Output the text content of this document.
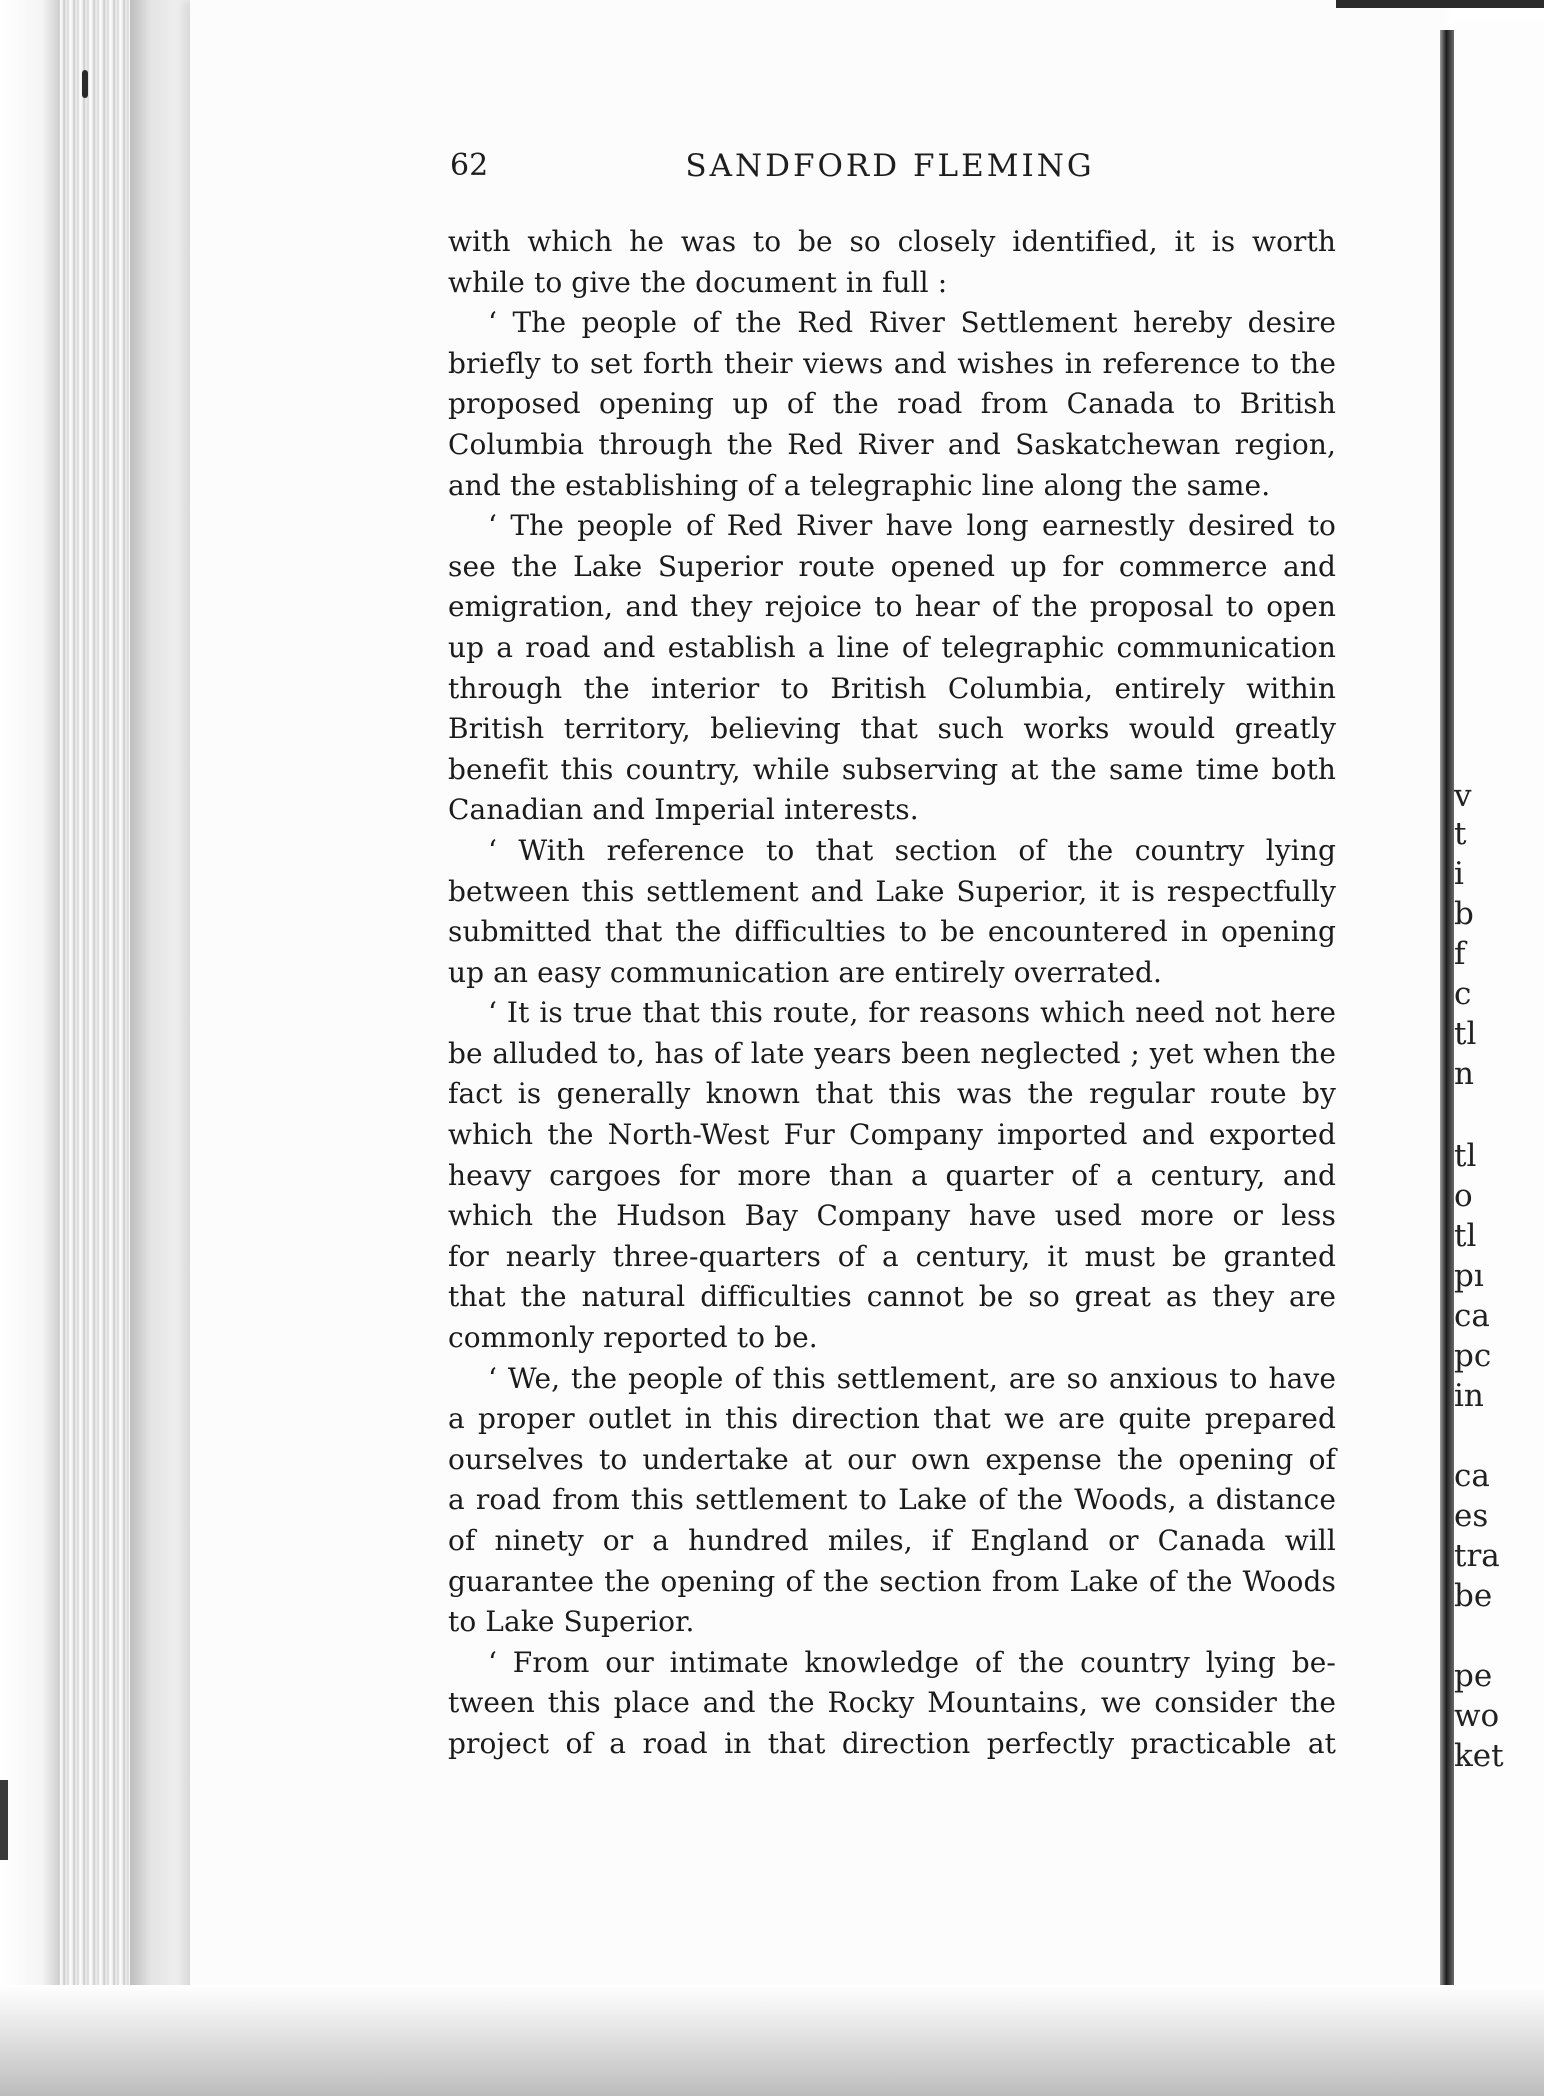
v
t
i
b
f
c
tl
n
tl
o
tl
pı
ca
pc
in
ca
es
tra
be
pe
wo
ket
62	SANDFORD FLEMING
with which he was to be so closely identified, it is worth
while to give the document in full :
‘ The people of the Red River Settlement hereby desire
briefly to set forth their views and wishes in reference to the
proposed opening up of the road from Canada to British
Columbia through the Red River and Saskatchewan region,
and the establishing of a telegraphic line along the same.
‘ The people of Red River have long earnestly desired to
see the Lake Superior route opened up for commerce and
emigration, and they rejoice to hear of the proposal to open
up a road and establish a line of telegraphic communication
through the interior to British Columbia, entirely within
British territory, believing that such works would greatly
benefit this country, while subserving at the same time both
Canadian and Imperial interests.
‘ With reference to that section of the country lying
between this settlement and Lake Superior, it is respectfully
submitted that the difficulties to be encountered in opening
up an easy communication are entirely overrated.
‘ It is true that this route, for reasons which need not here
be alluded to, has of late years been neglected ; yet when the
fact is generally known that this was the regular route by
which the North-West Fur Company imported and exported
heavy cargoes for more than a quarter of a century, and
which the Hudson Bay Company have used more or less
for nearly three-quarters of a century, it must be granted
that the natural difficulties cannot be so great as they are
commonly reported to be.
‘ We, the people of this settlement, are so anxious to have
a proper outlet in this direction that we are quite prepared
ourselves to undertake at our own expense the opening of
a road from this settlement to Lake of the Woods, a distance
of ninety or a hundred miles, if England or Canada will
guarantee the opening of the section from Lake of the Woods
to Lake Superior.
‘ From our intimate knowledge of the country lying be-
tween this place and the Rocky Mountains, we consider the
project of a road in that direction perfectly practicable at
